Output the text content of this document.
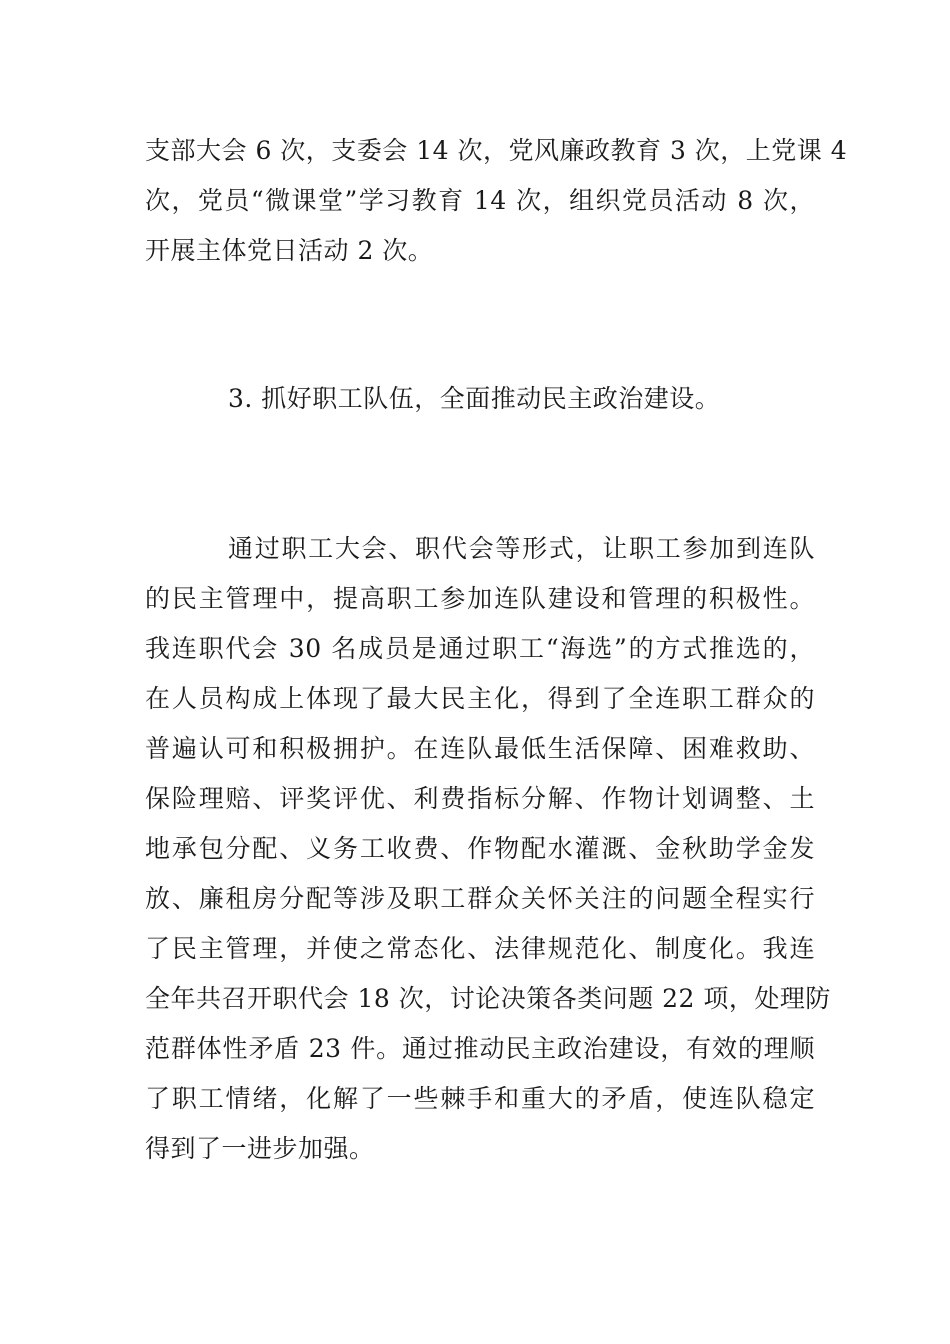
支部大会 6 次，支委会 14 次，党风廉政教育 3 次，上党课 4
次，党员“微课堂”学习教育 14 次，组织党员活动 8 次，
开展主体党日活动 2 次。
3. 抓好职工队伍，全面推动民主政治建设。
通过职工大会、职代会等形式，让职工参加到连队
的民主管理中，提高职工参加连队建设和管理的积极性。
我连职代会 30 名成员是通过职工“海选”的方式推选的，
在人员构成上体现了最大民主化，得到了全连职工群众的
普遍认可和积极拥护。在连队最低生活保障、困难救助、
保险理赔、评奖评优、利费指标分解、作物计划调整、土
地承包分配、义务工收费、作物配水灌溉、金秋助学金发
放、廉租房分配等涉及职工群众关怀关注的问题全程实行
了民主管理，并使之常态化、法律规范化、制度化。我连
全年共召开职代会 18 次，讨论决策各类问题 22 项，处理防
范群体性矛盾 23 件。通过推动民主政治建设，有效的理顺
了职工情绪，化解了一些棘手和重大的矛盾，使连队稳定
得到了一进步加强。
